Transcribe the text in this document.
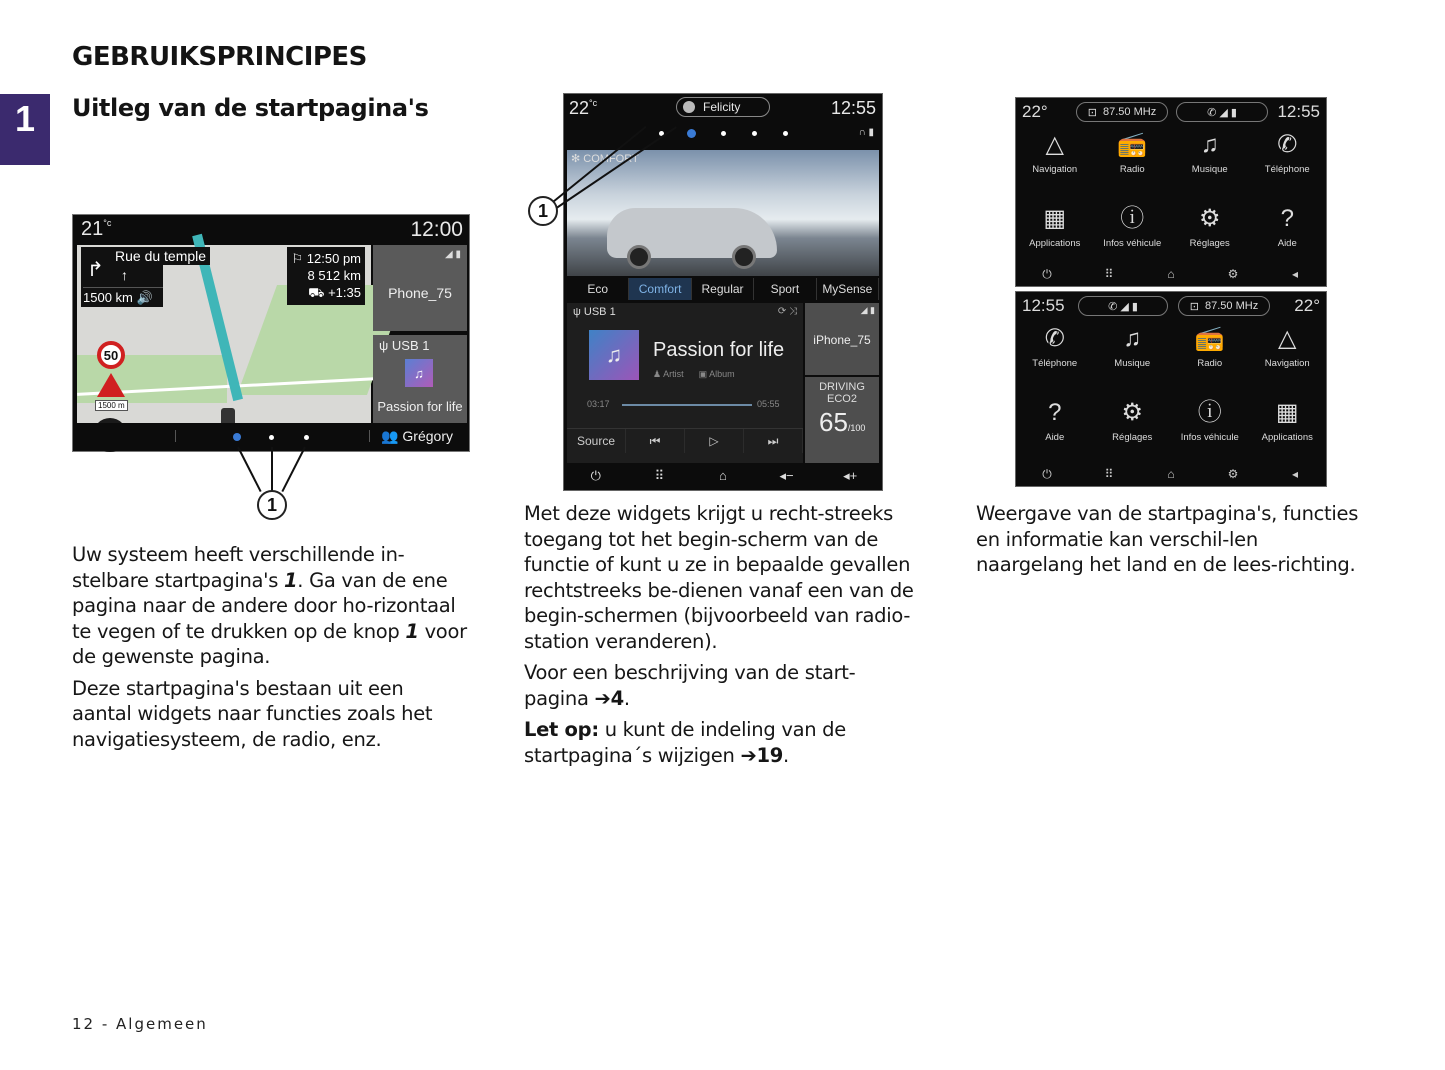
GEBRUIKSPRINCIPES
1	Uitleg van de startpagina's
$21^{^\circ c}$	12:00
50
1500 m
Rue du temple
↱ ↑
1500 km 🔊
⚐ 12:50 pm
8 512 km
⛟ +1:35
◢ ▮
Phone_75
ψ USB 1
♫
Passion for life
👥 Grégory
1
$22^{^\circ c}$	Felicity	12:55
∩ ▮
✻ COMFORT
Eco	Comfort	Regular	Sport	MySense
ψ USB 1	⟳ ⤨
♫	Passion for life
♟ Artist ▣ Album
03:17	05:55
Source	⏮	▷	⏭
◢ ▮
iPhone_75
DRIVING ECO2
65/100
⏻	⠿	⌂	◂−	◂+
1
22°	⊡ 87.50 MHz	✆ ◢ ▮	12:55
△
Navigation
📻
Radio
♫
Musique
✆
Téléphone
▦
Applications
ⓘ
Infos véhicule
⚙
Réglages
?
Aide
⏻	⠿	⌂	⚙	◂
12:55	✆ ◢ ▮	⊡ 87.50 MHz 22°
✆
Téléphone
♫
Musique
📻
Radio
△
Navigation
?
Aide
⚙
Réglages
ⓘ
Infos véhicule
▦
Applications
⏻	⠿	⌂	⚙	◂

Uw systeem heeft verschillende in-stelbare startpagina's 1. Ga van de ene pagina naar de andere door ho-rizontaal te vegen of te drukken op de knop 1 voor de gewenste pagina.

Deze startpagina's bestaan uit een aantal widgets naar functies zoals het navigatiesysteem, de radio, enz.

Met deze widgets krijgt u recht-streeks toegang tot het begin-scherm van de functie of kunt u ze in bepaalde gevallen rechtstreeks be-dienen vanaf een van de begin-schermen (bijvoorbeeld van radio-station veranderen).

Voor een beschrijving van de start-pagina ➔4.

Let op: u kunt de indeling van de startpagina´s wijzigen ➔19.

Weergave van de startpagina's, functies en informatie kan verschil-len naargelang het land en de lees-richting.

12 - Algemeen
